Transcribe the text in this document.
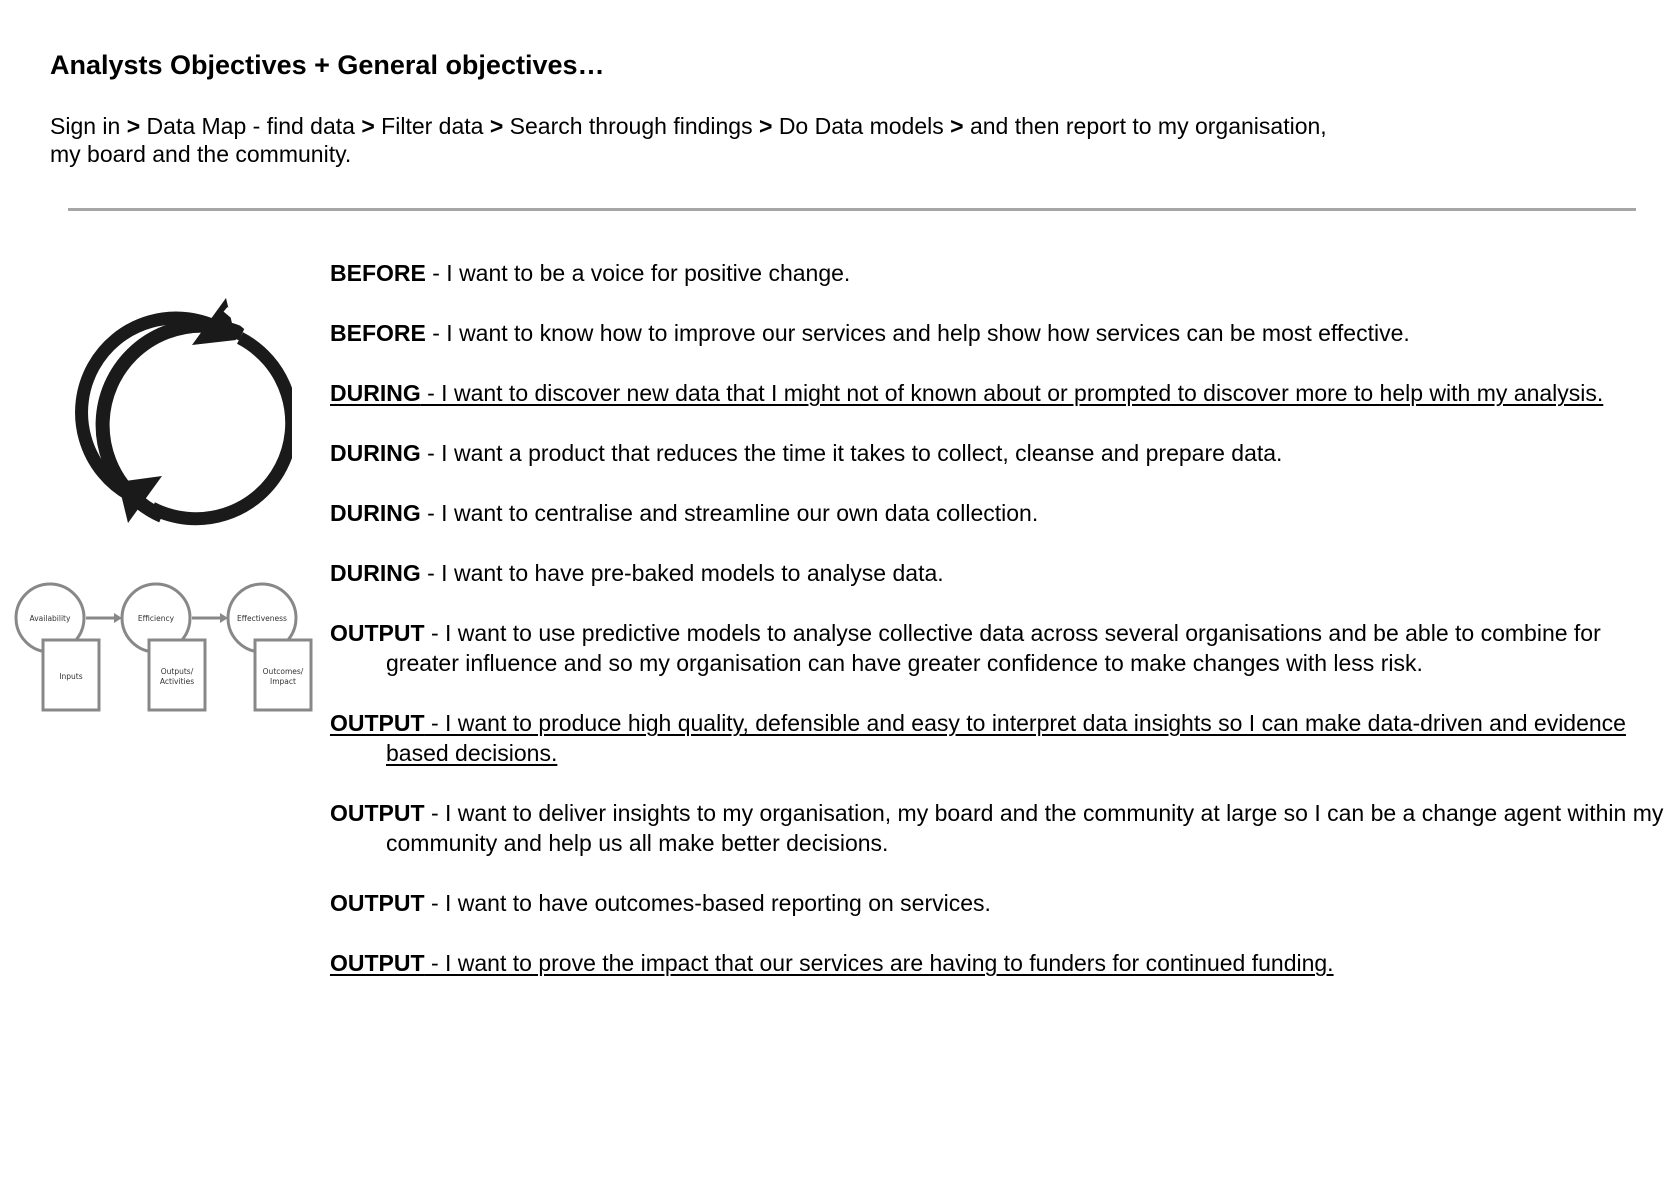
Analysts Objectives + General objectives…
Sign in > Data Map - find data > Filter data > Search through findings > Do Data models > and then report to my organisation, my board and the community.
Availability	Efficiency	Effectiveness
Inputs
Outputs/
Activities
Outcomes/
Impact
BEFORE - I want to be a voice for positive change.
BEFORE - I want to know how to improve our services and help show how services can be most effective.
DURING - I want to discover new data that I might not of known about or prompted to discover more to help with my analysis.
DURING - I want a product that reduces the time it takes to collect, cleanse and prepare data.
DURING - I want to centralise and streamline our own data collection.
DURING - I want to have pre-baked models to analyse data.
OUTPUT - I want to use predictive models to analyse collective data across several organisations and be able to combine for greater influence and so my organisation can have greater confidence to make changes with less risk.
OUTPUT - I want to produce high quality, defensible and easy to interpret data insights so I can make data-driven and evidence based decisions.
OUTPUT - I want to deliver insights to my organisation, my board and the community at large so I can be a change agent within my community and help us all make better decisions.
OUTPUT - I want to have outcomes-based reporting on services.
OUTPUT - I want to prove the impact that our services are having to funders for continued funding.
